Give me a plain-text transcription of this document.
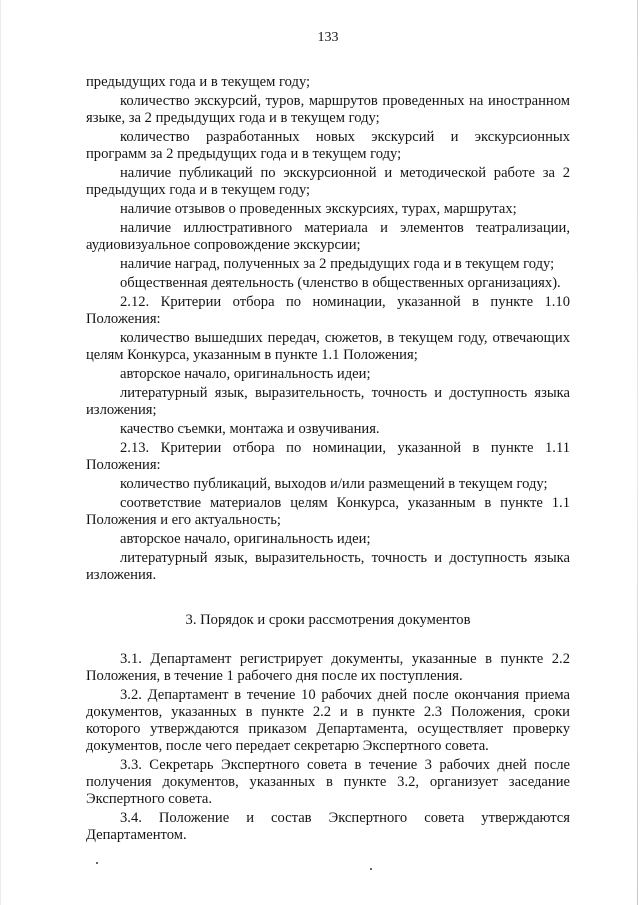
133

предыдущих года и в текущем году;

количество экскурсий, туров, маршрутов проведенных на иностранном языке, за 2 предыдущих года и в текущем году;

количество разработанных новых экскурсий и экскурсионных программ за 2 предыдущих года и в текущем году;

наличие публикаций по экскурсионной и методической работе за 2 предыдущих года и в текущем году;

наличие отзывов о проведенных экскурсиях, турах, маршрутах;

наличие иллюстративного материала и элементов театрализации, аудиовизуальное сопровождение экскурсии;

наличие наград, полученных за 2 предыдущих года и в текущем году;

общественная деятельность (членство в общественных организациях).

2.12. Критерии отбора по номинации, указанной в пункте 1.10 Положения:

количество вышедших передач, сюжетов, в текущем году, отвечающих целям Конкурса, указанным в пункте 1.1 Положения;

авторское начало, оригинальность идеи;

литературный язык, выразительность, точность и доступность языка изложения;

качество съемки, монтажа и озвучивания.

2.13. Критерии отбора по номинации, указанной в пункте 1.11 Положения:

количество публикаций, выходов и/или размещений в текущем году;

соответствие материалов целям Конкурса, указанным в пункте 1.1 Положения и его актуальность;

авторское начало, оригинальность идеи;

литературный язык, выразительность, точность и доступность языка изложения.

3. Порядок и сроки рассмотрения документов

3.1. Департамент регистрирует документы, указанные в пункте 2.2 Положения, в течение 1 рабочего дня после их поступления.

3.2. Департамент в течение 10 рабочих дней после окончания приема документов, указанных в пункте 2.2 и в пункте 2.3 Положения, сроки которого утверждаются приказом Департамента, осуществляет проверку документов, после чего передает секретарю Экспертного совета.

3.3. Секретарь Экспертного совета в течение 3 рабочих дней после получения документов, указанных в пункте 3.2, организует заседание Экспертного совета.

3.4. Положение и состав Экспертного совета утверждаются Департаментом.
